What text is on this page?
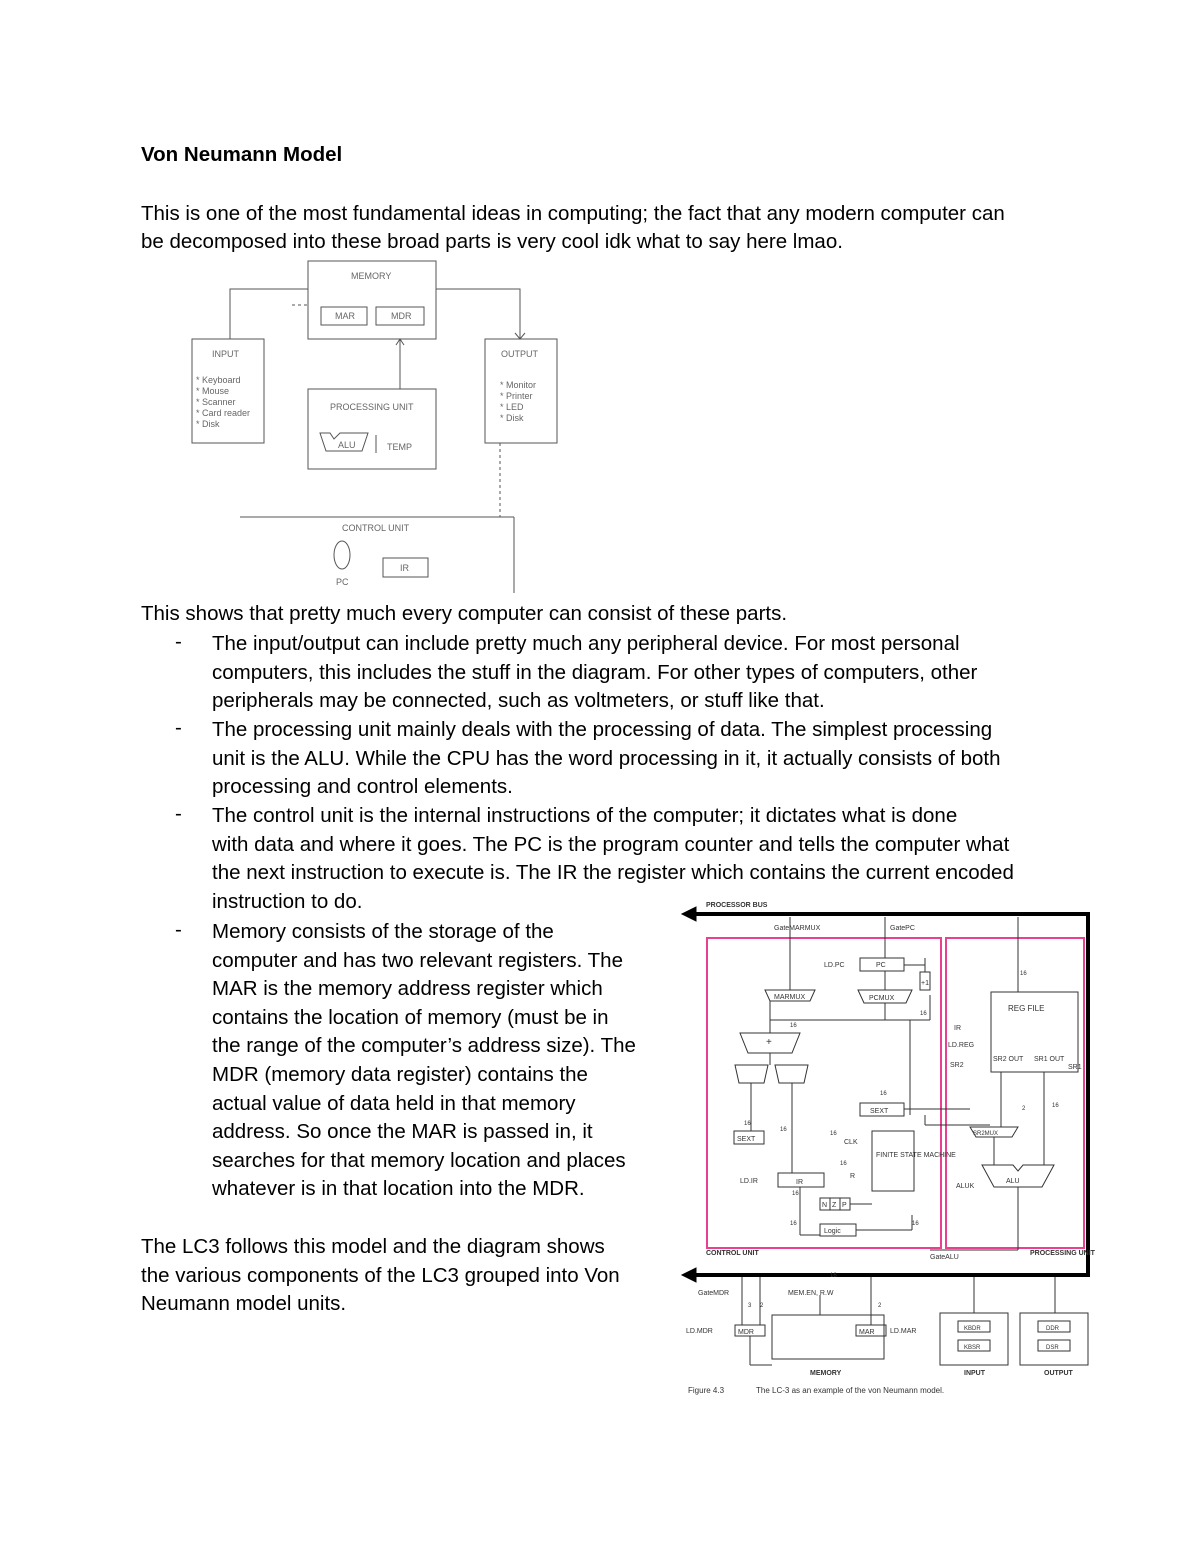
Von Neumann Model
This is one of the most fundamental ideas in computing; the fact that any modern computer can
be decomposed into these broad parts is very cool idk what to say here lmao.
MEMORY
MAR	MDR
INPUT
* Keyboard
* Mouse
* Scanner
* Card reader
* Disk
OUTPUT
* Monitor
* Printer
* LED
* Disk
PROCESSING UNIT
ALU	TEMP
CONTROL UNIT
PC
IR
This shows that pretty much every computer can consist of these parts.
- The input/output can include pretty much any peripheral device. For most personal
computers, this includes the stuff in the diagram. For other types of computers, other
peripherals may be connected, such as voltmeters, or stuff like that.
- The processing unit mainly deals with the processing of data. The simplest processing
unit is the ALU. While the CPU has the word processing in it, it actually consists of both
processing and control elements.
- The control unit is the internal instructions of the computer; it dictates what is done
with data and where it goes. The PC is the program counter and tells the computer what
the next instruction to execute is. The IR the register which contains the current encoded
instruction to do.
- Memory consists of the storage of the
computer and has two relevant registers. The
MAR is the memory address register which
contains the location of memory (must be in
the range of the computer’s address size). The
MDR (memory data register) contains the
actual value of data held in that memory
address. So once the MAR is passed in, it
searches for that memory location and places
whatever is in that location into the MDR.
The LC3 follows this model and the diagram shows
the various components of the LC3 grouped into Von
Neumann model units.
PROCESSOR BUS
GateMARMUX	GatePC
LD.PC	PC
+1
MARMUX	PCMUX
+
REG FILE
IR
LD.REG
SR2
SR2 OUT SR1 OUT
SR1
SEXT
SEXT
SR2MUX
CLK
FINITE STATE MACHINE
LD.IR	IR
R
ALUK
ALU
N Z P
Logic
CONTROL UNIT
GateALU
PROCESSING UNIT
GateMDR	MEM.EN, R.W
LD.MDR	MDR	MAR LD.MAR
MEMORY
KBDR
KBSR
INPUT
DDR
DSR
OUTPUT
Figure 4.3	The LC-3 as an example of the von Neumann model.
16
16
16
16
16
16
16
16
16
3 2	2
2	16
16
16
16
